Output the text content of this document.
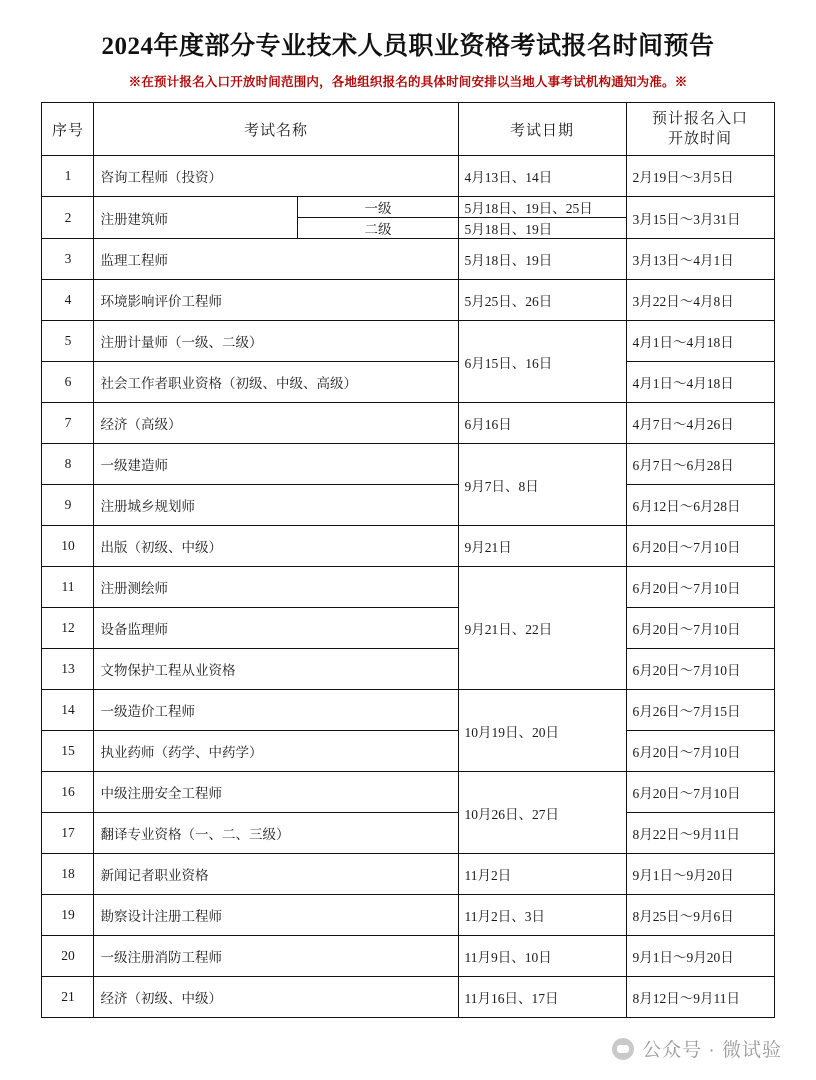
2024年度部分专业技术人员职业资格考试报名时间预告
※在预计报名入口开放时间范围内，各地组织报名的具体时间安排以当地人事考试机构通知为准。※
序号	考试名称		考试日期	预计报名入口
开放时间

1	咨询工程师（投资）		4月13日、14日	2月19日～3月5日
2	注册建筑师	一级	5月18日、19日、25日	3月15日～3月31日
		二级	5月18日、19日	
3	监理工程师		5月18日、19日	3月13日～4月1日
4	环境影响评价工程师		5月25日、26日	3月22日～4月8日
5	注册计量师（一级、二级）		6月15日、16日	4月1日～4月18日
6	社会工作者职业资格（初级、中级、高级）			4月1日～4月18日
7	经济（高级）		6月16日	4月7日～4月26日
8	一级建造师		9月7日、8日	6月7日～6月28日
9	注册城乡规划师			6月12日～6月28日
10	出版（初级、中级）		9月21日	6月20日～7月10日
11	注册测绘师		9月21日、22日	6月20日～7月10日
12	设备监理师			6月20日～7月10日
13	文物保护工程从业资格			6月20日～7月10日
14	一级造价工程师		10月19日、20日	6月26日～7月15日
15	执业药师（药学、中药学）			6月20日～7月10日
16	中级注册安全工程师		10月26日、27日	6月20日～7月10日
17	翻译专业资格（一、二、三级）			8月22日～9月11日
18	新闻记者职业资格		11月2日	9月1日～9月20日
19	勘察设计注册工程师		11月2日、3日	8月25日～9月6日
20	一级注册消防工程师		11月9日、10日	9月1日～9月20日
21	经济（初级、中级）		11月16日、17日	8月12日～9月11日
公众号 · 微试验
